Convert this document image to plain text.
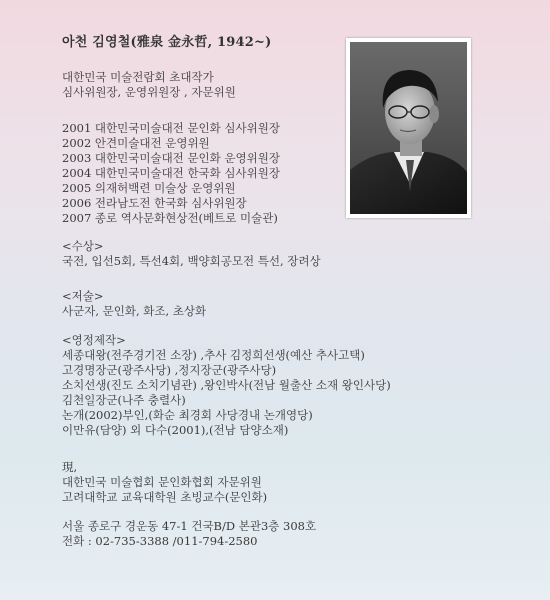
아천 김영철(雅泉 金永哲, 1942~)
대한민국 미술전람회 초대작가
심사위원장, 운영위원장 , 자문위원
2001 대한민국미술대전 문인화 심사위원장
2002 안견미술대전 운영위원
2003 대한민국미술대전 문인화 운영위원장
2004 대한민국미술대전 한국화 심사위원장
2005 의재허백련 미술상 운영위원
2006 전라남도전 한국화 심사위원장
2007 종로 역사문화현상전(베트로 미술관)
<수상>
국전, 입선5회, 특선4회, 백양회공모전 특선, 장려상
<저술>
사군자, 문인화, 화조, 초상화
<영정제작>
세종대왕(전주경기전 소장) ,추사 김정희선생(예산 추사고택)
고경명장군(광주사당) ,정지장군(광주사당)
소치선생(진도 소치기념관) ,왕인박사(전남 월출산 소재 왕인사당)
김천일장군(나주 충렬사)
논개(2002)부인,(화순 최경회 사당경내 논개영당)
이만유(담양) 외 다수(2001),(전남 담양소재)
現,
대한민국 미술협회 문인화협회 자문위원
고려대학교 교육대학원 초빙교수(문인화)
서울 종로구 경운동 47-1 건국B/D 본관3층 308호
전화 : 02-735-3388 /011-794-2580
